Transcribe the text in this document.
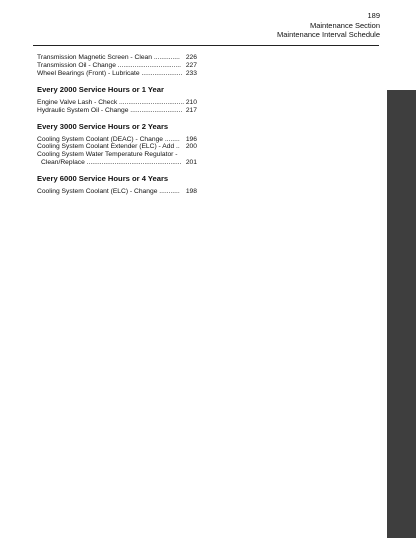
189
Maintenance Section
Maintenance Interval Schedule
Transmission Magnetic Screen - Clean .............. 226
Transmission Oil - Change .................................. 227
Wheel Bearings (Front) - Lubricate ...................... 233
Every 2000 Service Hours or 1 Year
Engine Valve Lash - Check ................................... 210
Hydraulic System Oil - Change ............................ 217
Every 3000 Service Hours or 2 Years
Cooling System Coolant (DEAC) - Change ........ 196
Cooling System Coolant Extender (ELC) - Add .. 200
Cooling System Water Temperature Regulator -
Clean/Replace ................................................... 201
Every 6000 Service Hours or 4 Years
Cooling System Coolant (ELC) - Change ........... 198
